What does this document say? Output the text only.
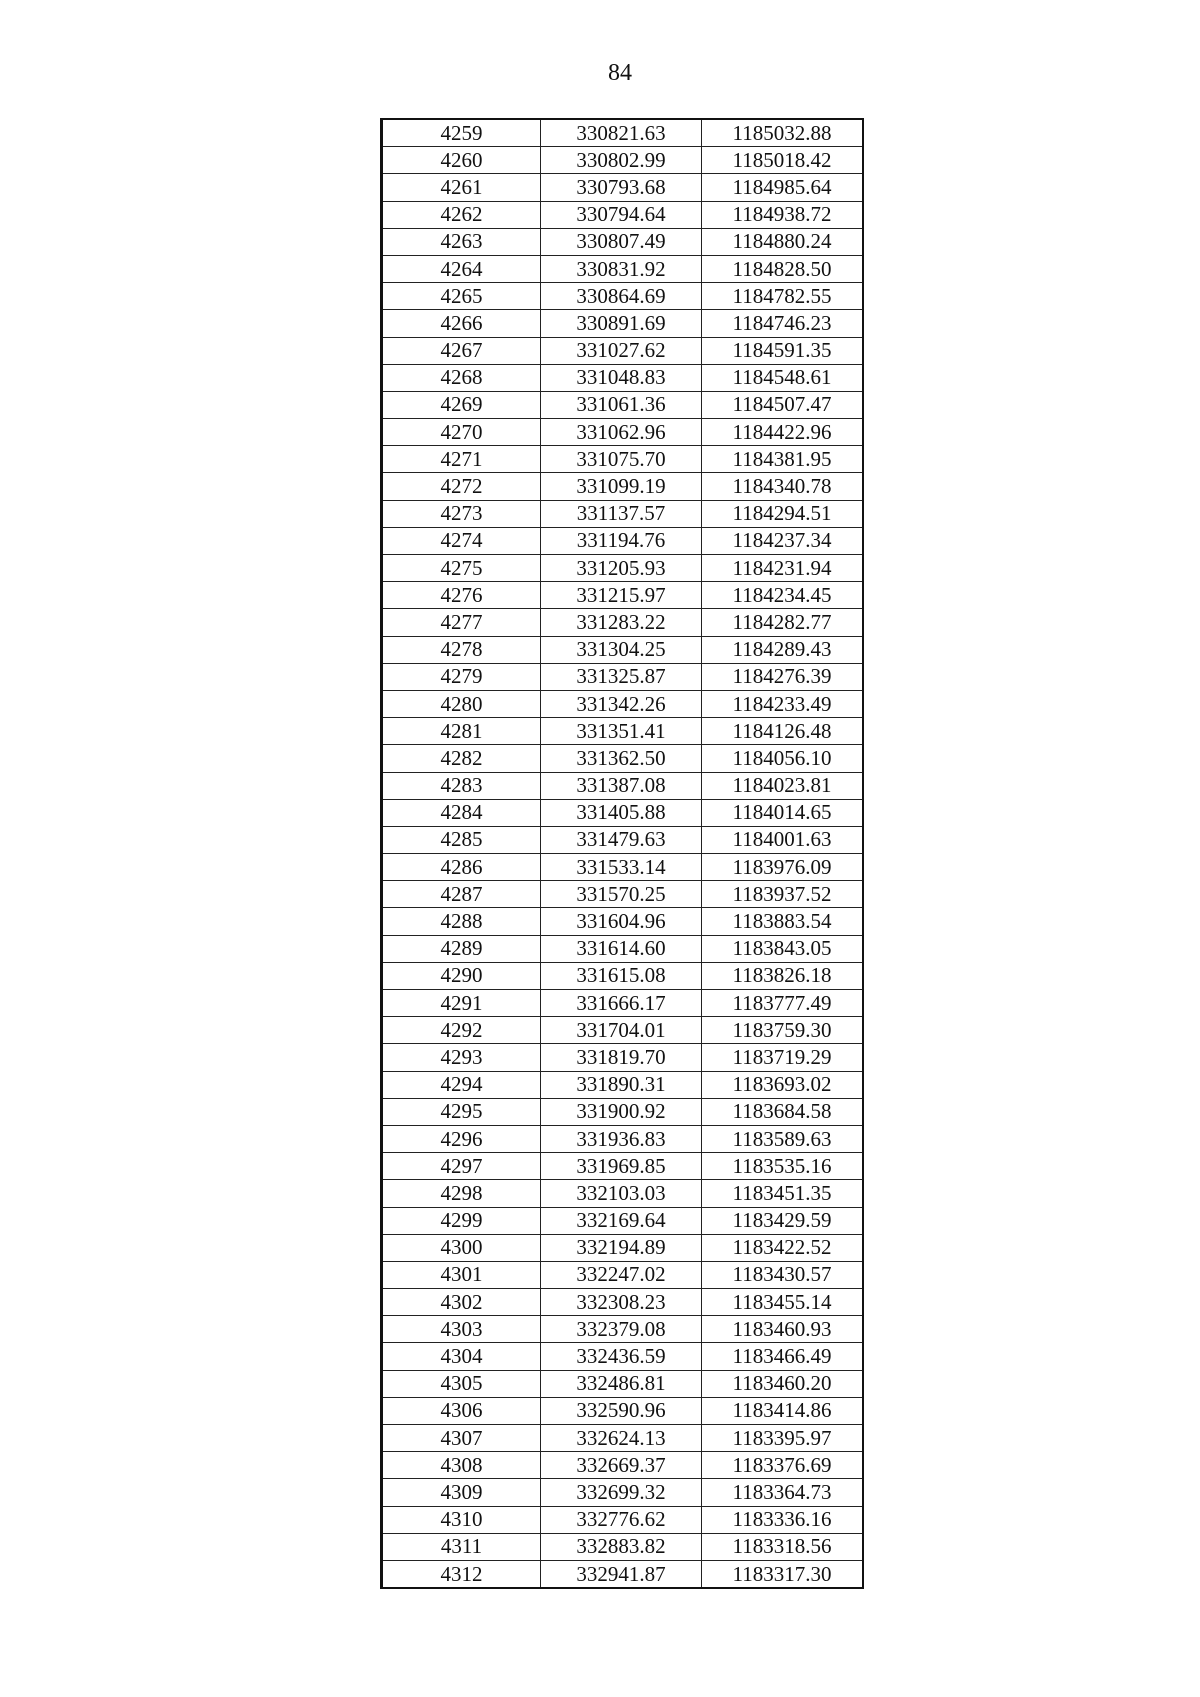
84
4259	330821.63	1185032.88
4260	330802.99	1185018.42
4261	330793.68	1184985.64
4262	330794.64	1184938.72
4263	330807.49	1184880.24
4264	330831.92	1184828.50
4265	330864.69	1184782.55
4266	330891.69	1184746.23
4267	331027.62	1184591.35
4268	331048.83	1184548.61
4269	331061.36	1184507.47
4270	331062.96	1184422.96
4271	331075.70	1184381.95
4272	331099.19	1184340.78
4273	331137.57	1184294.51
4274	331194.76	1184237.34
4275	331205.93	1184231.94
4276	331215.97	1184234.45
4277	331283.22	1184282.77
4278	331304.25	1184289.43
4279	331325.87	1184276.39
4280	331342.26	1184233.49
4281	331351.41	1184126.48
4282	331362.50	1184056.10
4283	331387.08	1184023.81
4284	331405.88	1184014.65
4285	331479.63	1184001.63
4286	331533.14	1183976.09
4287	331570.25	1183937.52
4288	331604.96	1183883.54
4289	331614.60	1183843.05
4290	331615.08	1183826.18
4291	331666.17	1183777.49
4292	331704.01	1183759.30
4293	331819.70	1183719.29
4294	331890.31	1183693.02
4295	331900.92	1183684.58
4296	331936.83	1183589.63
4297	331969.85	1183535.16
4298	332103.03	1183451.35
4299	332169.64	1183429.59
4300	332194.89	1183422.52
4301	332247.02	1183430.57
4302	332308.23	1183455.14
4303	332379.08	1183460.93
4304	332436.59	1183466.49
4305	332486.81	1183460.20
4306	332590.96	1183414.86
4307	332624.13	1183395.97
4308	332669.37	1183376.69
4309	332699.32	1183364.73
4310	332776.62	1183336.16
4311	332883.82	1183318.56
4312	332941.87	1183317.30
